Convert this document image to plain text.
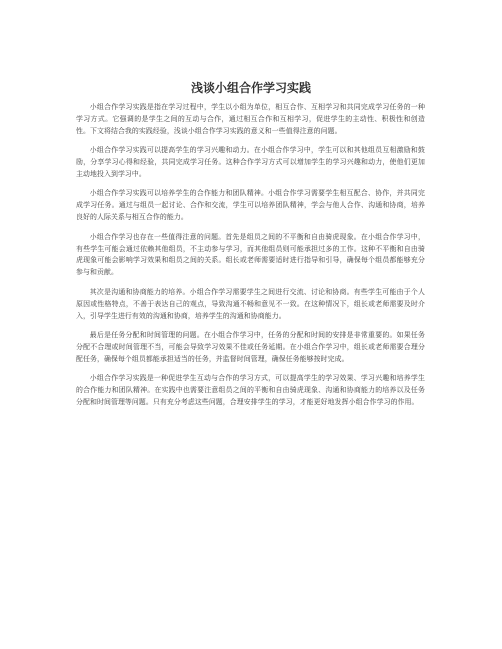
浅谈小组合作学习实践

小组合作学习实践是指在学习过程中，学生以小组为单位，相互合作、互相学习和共同完成学习任务的一种学习方式。它强调的是学生之间的互动与合作，通过相互合作和互相学习，促进学生的主动性、积极性和创造性。下文将结合我的实践经验，浅谈小组合作学习实践的意义和一些值得注意的问题。

小组合作学习实践可以提高学生的学习兴趣和动力。在小组合作学习中，学生可以和其他组员互相激励和鼓励，分享学习心得和经验，共同完成学习任务。这种合作学习方式可以增加学生的学习兴趣和动力，使他们更加主动地投入到学习中。

小组合作学习实践可以培养学生的合作能力和团队精神。小组合作学习需要学生相互配合、协作，并共同完成学习任务。通过与组员一起讨论、合作和交流，学生可以培养团队精神，学会与他人合作、沟通和协商，培养良好的人际关系与相互合作的能力。

小组合作学习也存在一些值得注意的问题。首先是组员之间的不平衡和自由骑虎现象。在小组合作学习中，有些学生可能会通过依赖其他组员，不主动参与学习，而其他组员则可能承担过多的工作。这种不平衡和自由骑虎现象可能会影响学习效果和组员之间的关系。组长或老师需要适时进行指导和引导，确保每个组员都能够充分参与和贡献。

其次是沟通和协商能力的培养。小组合作学习需要学生之间进行交流、讨论和协商。有些学生可能由于个人原因或性格特点，不善于表达自己的观点，导致沟通不畅和意见不一致。在这种情况下，组长或老师需要及时介入，引导学生进行有效的沟通和协商，培养学生的沟通和协商能力。

最后是任务分配和时间管理的问题。在小组合作学习中，任务的分配和时间的安排是非常重要的。如果任务分配不合理或时间管理不当，可能会导致学习效果不佳或任务延期。在小组合作学习中，组长或老师需要合理分配任务，确保每个组员都能承担适当的任务，并监督时间管理，确保任务能够按时完成。

小组合作学习实践是一种促进学生互动与合作的学习方式，可以提高学生的学习效果、学习兴趣和培养学生的合作能力和团队精神。在实践中也需要注意组员之间的平衡和自由骑虎现象、沟通和协商能力的培养以及任务分配和时间管理等问题。只有充分考虑这些问题，合理安排学生的学习，才能更好地发挥小组合作学习的作用。
